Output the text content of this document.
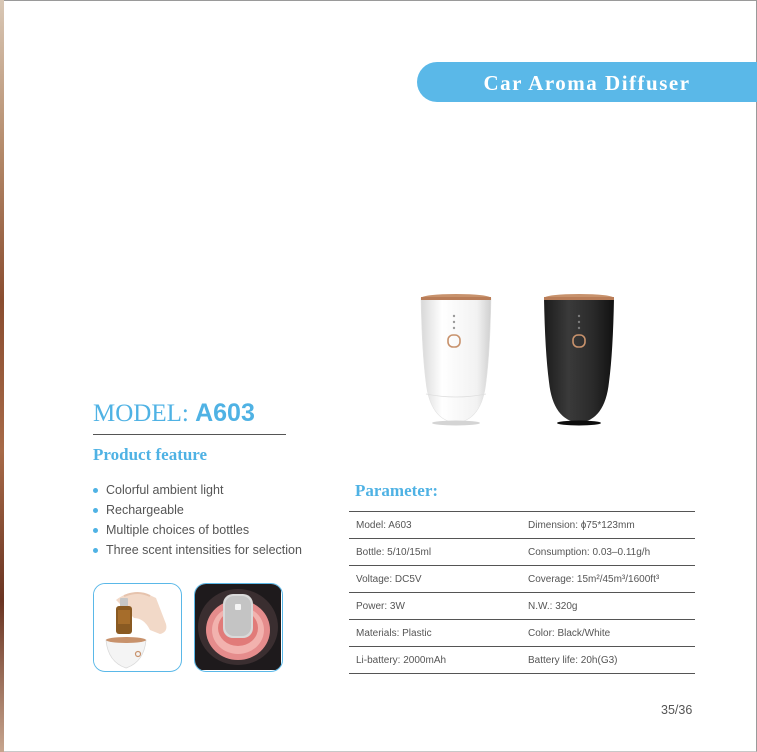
Car Aroma Diffuser
MODEL: A603
Product feature
Colorful ambient light
Rechargeable
Multiple choices of bottles
Three scent intensities for selection
Parameter:
Model: A603	Dimension: ɸ75*123mm
Bottle: 5/10/15ml	Consumption: 0.03–0.11g/h
Voltage: DC5V	Coverage: 15m²/45m³/1600ft³
Power: 3W	N.W.: 320g
Materials: Plastic	Color: Black/White
Li-battery: 2000mAh	Battery life: 20h(G3)
35/36
